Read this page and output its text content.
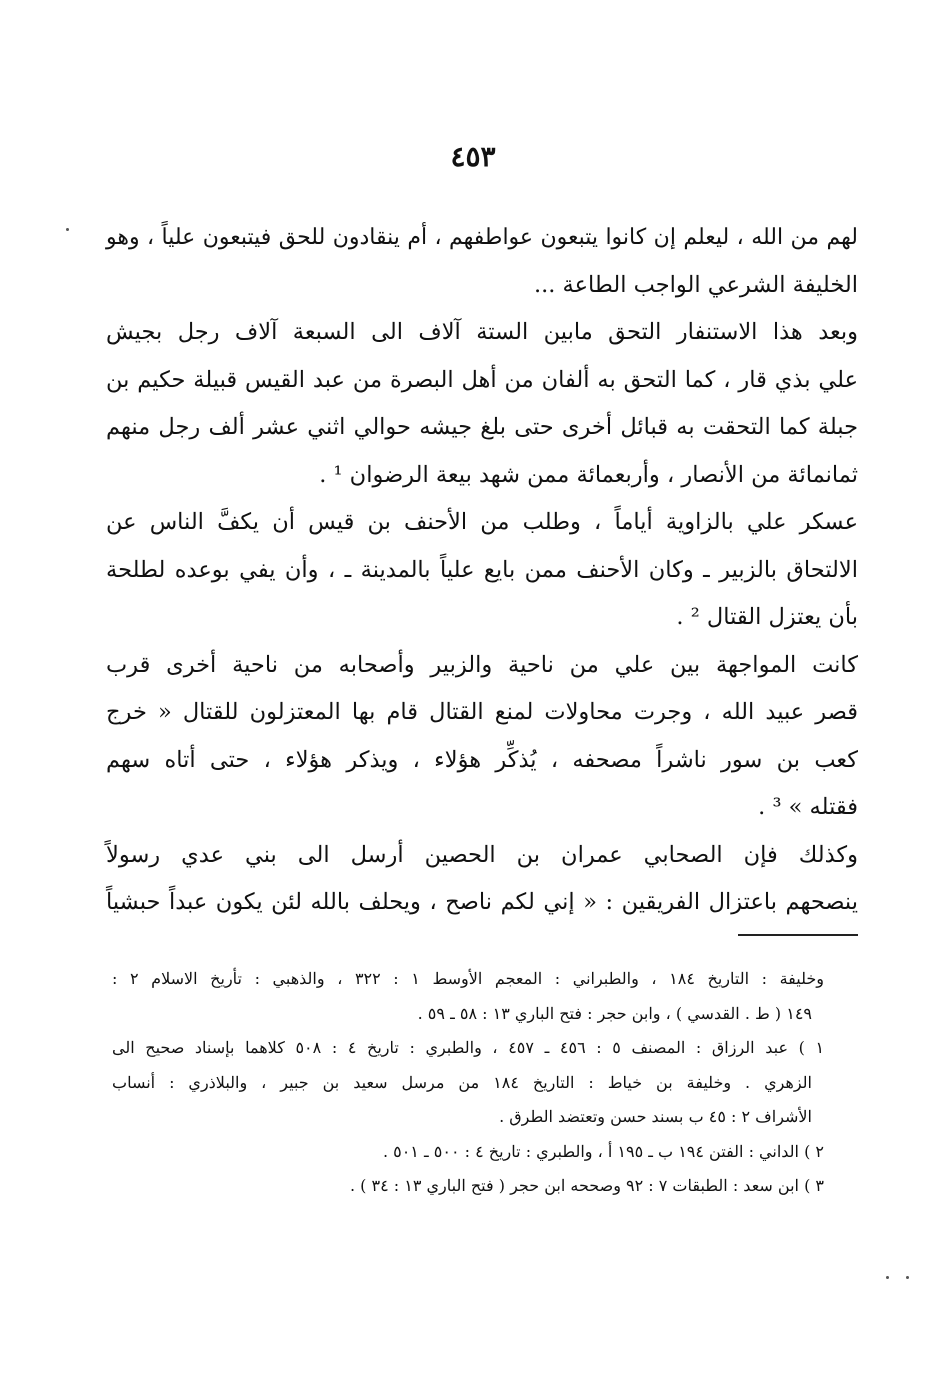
٤٥٣
لهم من الله ، ليعلم إن كانوا يتبعون عواطفهم ، أم ينقادون للحق فيتبعون علياً ، وهو
الخليفة الشرعي الواجب الطاعة ...
وبعد هذا الاستنفار التحق مابين الستة آلاف الى السبعة آلاف رجل بجيش
علي بذي قار ، كما التحق به ألفان من أهل البصرة من عبد القيس قبيلة حكيم بن
جبلة كما التحقت به قبائل أخرى حتى بلغ جيشه حوالي اثني عشر ألف رجل منهم
ثمانمائة من الأنصار ، وأربعمائة ممن شهد بيعة الرضوان ¹ .
عسكر علي بالزاوية أياماً ، وطلب من الأحنف بن قيس أن يكفَّ الناس عن
الالتحاق بالزبير ـ وكان الأحنف ممن بايع علياً بالمدينة ـ ، وأن يفي بوعده لطلحة
بأن يعتزل القتال ² .
كانت المواجهة بين علي من ناحية والزبير وأصحابه من ناحية أخرى قرب
قصر عبيد الله ، وجرت محاولات لمنع القتال قام بها المعتزلون للقتال « خرج
كعب بن سور ناشراً مصحفه ، يُذكِّر هؤلاء ، ويذكر هؤلاء ، حتى أتاه سهم
فقتله » ³ .
وكذلك فإن الصحابي عمران بن الحصين أرسل الى بني عدي رسولاً
ينصحهم باعتزال الفريقين : « إني لكم ناصح ، ويحلف بالله لئن يكون عبداً حبشياً
وخليفة : التاريخ ١٨٤ ، والطبراني : المعجم الأوسط ١ : ٣٢٢ ، والذهبي : تأريخ الاسلام ٢ :
١٤٩ ( ط . القدسي ) ، وابن حجر : فتح الباري ١٣ : ٥٨ ـ ٥٩ .
١ ) عبد الرزاق : المصنف ٥ : ٤٥٦ ـ ٤٥٧ ، والطبري : تاريخ ٤ : ٥٠٨ كلاهما بإسناد صحيح الى
الزهري . وخليفة بن خياط : التاريخ ١٨٤ من مرسل سعيد بن جبير ، والبلاذري : أنساب
الأشراف ٢ : ٤٥ ب بسند حسن وتعتضد الطرق .
٢ ) الداني : الفتن ١٩٤ ب ـ ١٩٥ أ ، والطبري : تاريخ ٤ : ٥٠٠ ـ ٥٠١ .
٣ ) ابن سعد : الطبقات ٧ : ٩٢ وصححه ابن حجر ( فتح الباري ١٣ : ٣٤ ) .
